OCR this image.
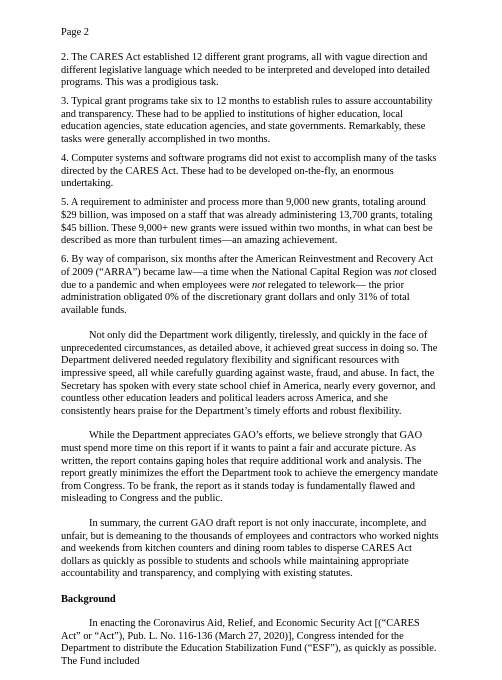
Page 2

2. The CARES Act established 12 different grant programs, all with vague direction and different legislative language which needed to be interpreted and developed into detailed programs. This was a prodigious task.

3. Typical grant programs take six to 12 months to establish rules to assure accountability and transparency. These had to be applied to institutions of higher education, local education agencies, state education agencies, and state governments. Remarkably, these tasks were generally accomplished in two months.

4. Computer systems and software programs did not exist to accomplish many of the tasks directed by the CARES Act. These had to be developed on-the-fly, an enormous undertaking.

5. A requirement to administer and process more than 9,000 new grants, totaling around $29 billion, was imposed on a staff that was already administering 13,700 grants, totaling $45 billion. These 9,000+ new grants were issued within two months, in what can best be described as more than turbulent times—an amazing achievement.

6. By way of comparison, six months after the American Reinvestment and Recovery Act of 2009 (“ARRA”) became law—a time when the National Capital Region was not closed due to a pandemic and when employees were not relegated to telework— the prior administration obligated 0% of the discretionary grant dollars and only 31% of total available funds.

Not only did the Department work diligently, tirelessly, and quickly in the face of unprecedented circumstances, as detailed above, it achieved great success in doing so. The Department delivered needed regulatory flexibility and significant resources with impressive speed, all while carefully guarding against waste, fraud, and abuse. In fact, the Secretary has spoken with every state school chief in America, nearly every governor, and countless other education leaders and political leaders across America, and she consistently hears praise for the Department’s timely efforts and robust flexibility.

While the Department appreciates GAO’s efforts, we believe strongly that GAO must spend more time on this report if it wants to paint a fair and accurate picture. As written, the report contains gaping holes that require additional work and analysis. The report greatly minimizes the effort the Department took to achieve the emergency mandate from Congress. To be frank, the report as it stands today is fundamentally flawed and misleading to Congress and the public.

In summary, the current GAO draft report is not only inaccurate, incomplete, and unfair, but is demeaning to the thousands of employees and contractors who worked nights and weekends from kitchen counters and dining room tables to disperse CARES Act dollars as quickly as possible to students and schools while maintaining appropriate accountability and transparency, and complying with existing statutes.

Background

In enacting the Coronavirus Aid, Relief, and Economic Security Act [(“CARES Act” or “Act”), Pub. L. No. 116-136 (March 27, 2020)], Congress intended for the Department to distribute the Education Stabilization Fund (“ESF”), as quickly as possible. The Fund included
